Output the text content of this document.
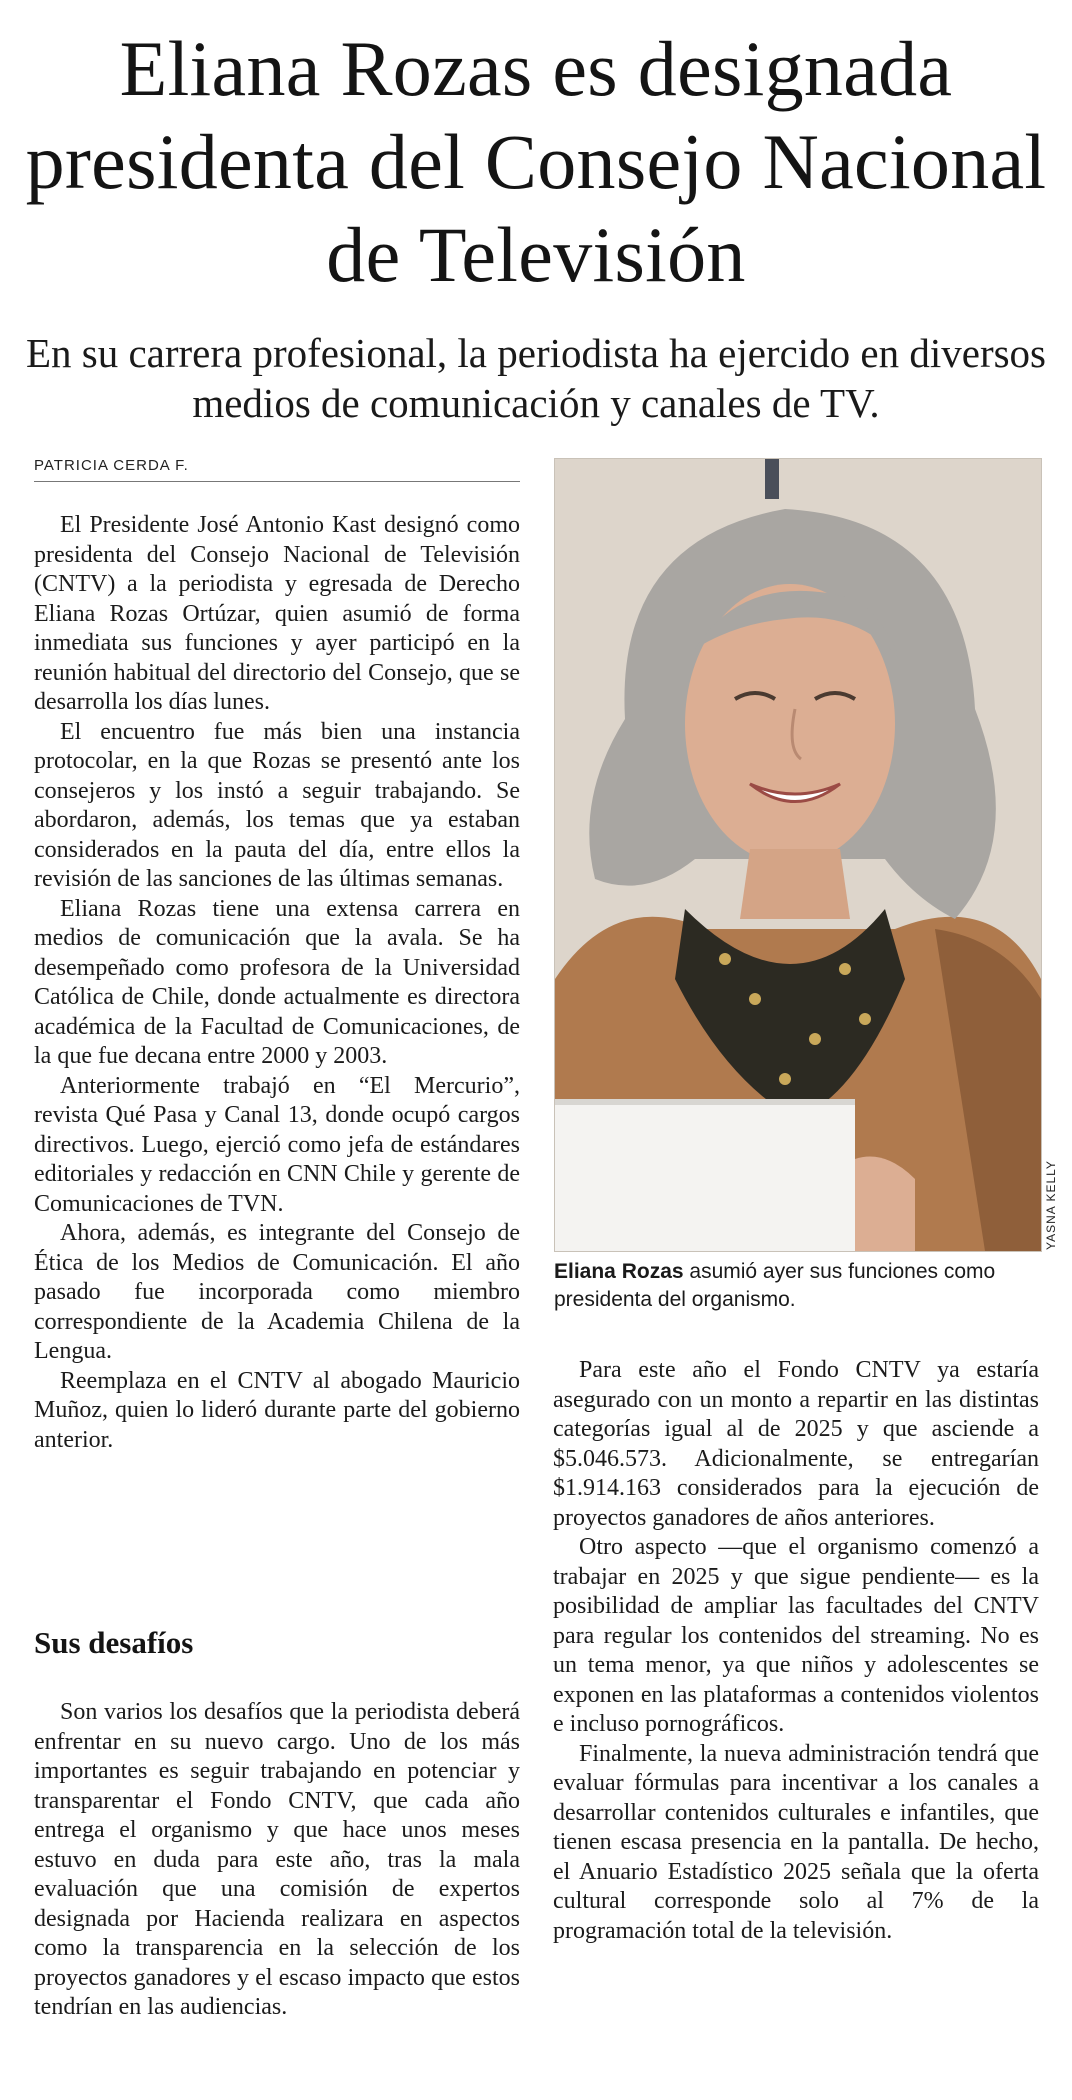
Eliana Rozas es designada presidenta del Consejo Nacional de Televisión

En su carrera profesional, la periodista ha ejercido en diversos medios de comunicación y canales de TV.

PATRICIA CERDA F.

El Presidente José Antonio Kast designó como presidenta del Consejo Nacional de Televisión (CNTV) a la periodista y egresada de Derecho Eliana Rozas Ortúzar, quien asumió de forma inmediata sus funciones y ayer participó en la reunión habitual del directorio del Consejo, que se desarrolla los días lunes.

El encuentro fue más bien una instancia protocolar, en la que Rozas se presentó ante los consejeros y los instó a seguir trabajando. Se abordaron, además, los temas que ya estaban considerados en la pauta del día, entre ellos la revisión de las sanciones de las últimas semanas.

Eliana Rozas tiene una extensa carrera en medios de comunicación que la avala. Se ha desempeñado como profesora de la Universidad Católica de Chile, donde actualmente es directora académica de la Facultad de Comunicaciones, de la que fue decana entre 2000 y 2003.

Anteriormente trabajó en “El Mercurio”, revista Qué Pasa y Canal 13, donde ocupó cargos directivos. Luego, ejerció como jefa de estándares editoriales y redacción en CNN Chile y gerente de Comunicaciones de TVN.

Ahora, además, es integrante del Consejo de Ética de los Medios de Comunicación. El año pasado fue incorporada como miembro correspondiente de la Academia Chilena de la Lengua.

Reemplaza en el CNTV al abogado Mauricio Muñoz, quien lo lideró durante parte del gobierno anterior.

Sus desafíos

Son varios los desafíos que la periodista deberá enfrentar en su nuevo cargo. Uno de los más importantes es seguir trabajando en potenciar y transparentar el Fondo CNTV, que cada año entrega el organismo y que hace unos meses estuvo en duda para este año, tras la mala evaluación que una comisión de expertos designada por Hacienda realizara en aspectos como la transparencia en la selección de los proyectos ganadores y el escaso impacto que estos tendrían en las audiencias.

YASNA KELLY
Eliana Rozas asumió ayer sus funciones como presidenta del organismo.

Para este año el Fondo CNTV ya estaría asegurado con un monto a repartir en las distintas categorías igual al de 2025 y que asciende a $5.046.573. Adicionalmente, se entregarían $1.914.163 considerados para la ejecución de proyectos ganadores de años anteriores.

Otro aspecto —que el organismo comenzó a trabajar en 2025 y que sigue pendiente— es la posibilidad de ampliar las facultades del CNTV para regular los contenidos del streaming. No es un tema menor, ya que niños y adolescentes se exponen en las plataformas a contenidos violentos e incluso pornográficos.

Finalmente, la nueva administración tendrá que evaluar fórmulas para incentivar a los canales a desarrollar contenidos culturales e infantiles, que tienen escasa presencia en la pantalla. De hecho, el Anuario Estadístico 2025 señala que la oferta cultural corresponde solo al 7% de la programación total de la televisión.
